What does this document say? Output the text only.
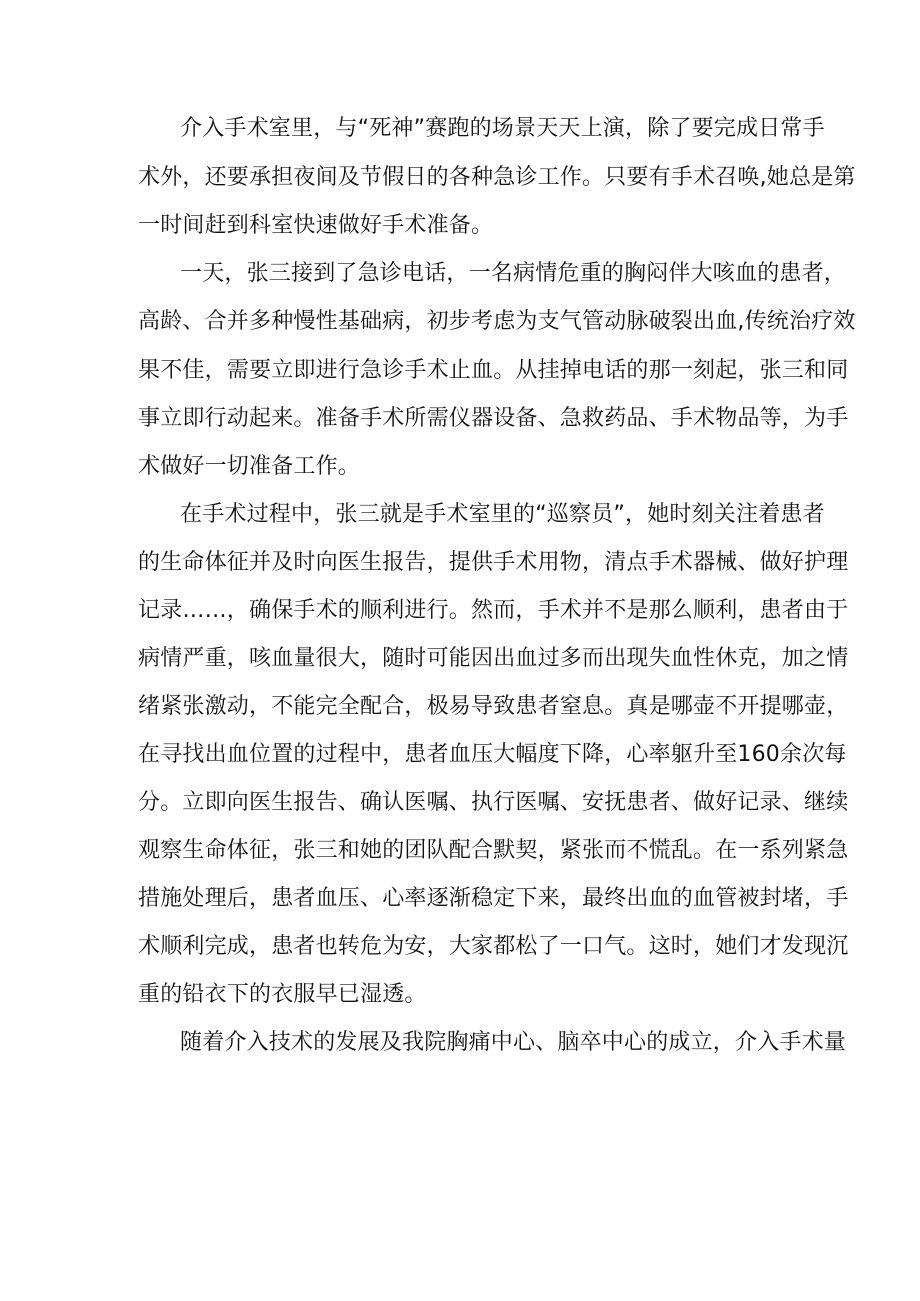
介入手术室里，与“死神”赛跑的场景天天上演，除了要完成日常手

术外，还要承担夜间及节假日的各种急诊工作。只要有手术召唤,她总是第

一时间赶到科室快速做好手术准备。

一天，张三接到了急诊电话，一名病情危重的胸闷伴大咳血的患者，

高龄、合并多种慢性基础病，初步考虑为支气管动脉破裂出血,传统治疗效

果不佳，需要立即进行急诊手术止血。从挂掉电话的那一刻起，张三和同

事立即行动起来。准备手术所需仪器设备、急救药品、手术物品等，为手

术做好一切准备工作。

在手术过程中，张三就是手术室里的“巡察员”，她时刻关注着患者

的生命体征并及时向医生报告，提供手术用物，清点手术器械、做好护理

记录……，确保手术的顺利进行。然而，手术并不是那么顺利，患者由于

病情严重，咳血量很大，随时可能因出血过多而出现失血性休克，加之情

绪紧张激动，不能完全配合，极易导致患者窒息。真是哪壶不开提哪壶，

在寻找出血位置的过程中，患者血压大幅度下降，心率躯升至160余次每

分。立即向医生报告、确认医嘱、执行医嘱、安抚患者、做好记录、继续

观察生命体征，张三和她的团队配合默契，紧张而不慌乱。在一系列紧急

措施处理后，患者血压、心率逐渐稳定下来，最终出血的血管被封堵，手

术顺利完成，患者也转危为安，大家都松了一口气。这时，她们才发现沉

重的铅衣下的衣服早已湿透。

随着介入技术的发展及我院胸痛中心、脑卒中心的成立，介入手术量
